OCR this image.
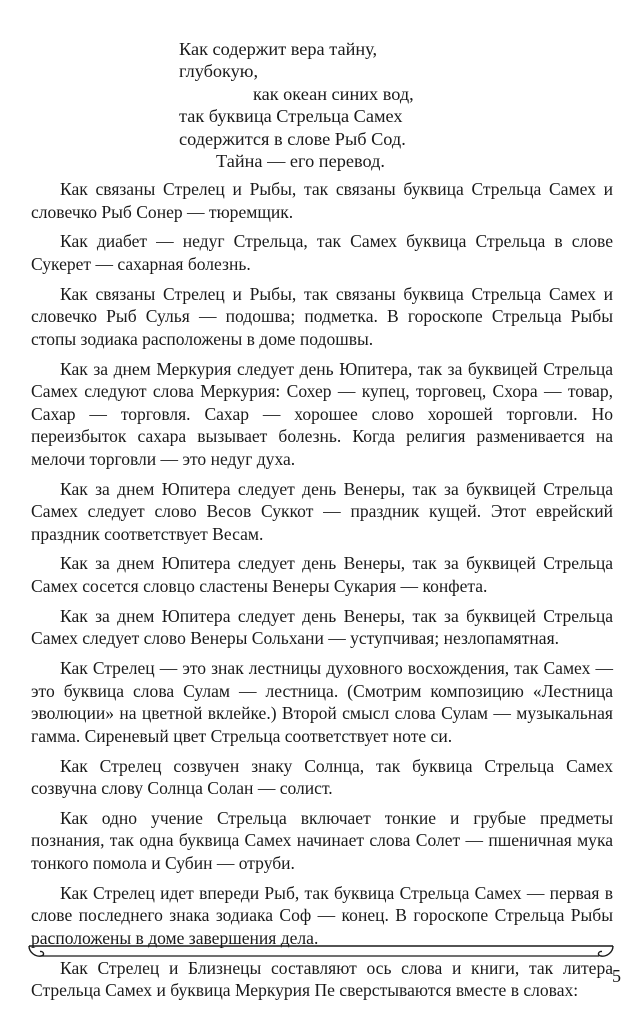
Как содержит вера тайну,
глубокую,
как океан синих вод,
так буквица Стрельца Самех
содержится в слове Рыб Сод.
Тайна — его перевод.

Как связаны Стрелец и Рыбы, так связаны буквица Стрельца Самех и словечко Рыб Сонер — тюремщик.

Как диабет — недуг Стрельца, так Самех буквица Стрельца в слове Сукерет — сахарная болезнь.

Как связаны Стрелец и Рыбы, так связаны буквица Стрельца Самех и словечко Рыб Сулья — подошва; подметка. В гороскопе Стрельца Рыбы стопы зодиака расположены в доме подошвы.

Как за днем Меркурия следует день Юпитера, так за буквицей Стрельца Самех следуют слова Меркурия: Сохер — купец, торговец, Схора — товар, Сахар — торговля. Сахар — хорошее слово хорошей торговли. Но переизбыток сахара вызывает болезнь. Когда религия разменивается на мелочи торговли — это недуг духа.

Как за днем Юпитера следует день Венеры, так за буквицей Стрельца Самех следует слово Весов Суккот — праздник кущей. Этот еврейский праздник соответствует Весам.

Как за днем Юпитера следует день Венеры, так за буквицей Стрельца Самех сосется словцо сластены Венеры Сукария — конфета.

Как за днем Юпитера следует день Венеры, так за буквицей Стрельца Самех следует слово Венеры Сольхани — уступчивая; незлопамятная.

Как Стрелец — это знак лестницы духовного восхождения, так Самех — это буквица слова Сулам — лестница. (Смотрим композицию «Лестница эволюции» на цветной вклейке.) Второй смысл слова Сулам — музыкальная гамма. Сиреневый цвет Стрельца соответствует ноте си.

Как Стрелец созвучен знаку Солнца, так буквица Стрельца Самех созвучна слову Солнца Солан — солист.

Как одно учение Стрельца включает тонкие и грубые предметы познания, так одна буквица Самех начинает слова Солет — пшеничная мука тонкого помола и Субин — отруби.

Как Стрелец идет впереди Рыб, так буквица Стрельца Самех — первая в слове последнего знака зодиака Соф — конец. В гороскопе Стрельца Рыбы расположены в доме завершения дела.

Как Стрелец и Близнецы составляют ось слова и книги, так литера Стрельца Самех и буквица Меркурия Пе сверстываются вместе в словах:

5
